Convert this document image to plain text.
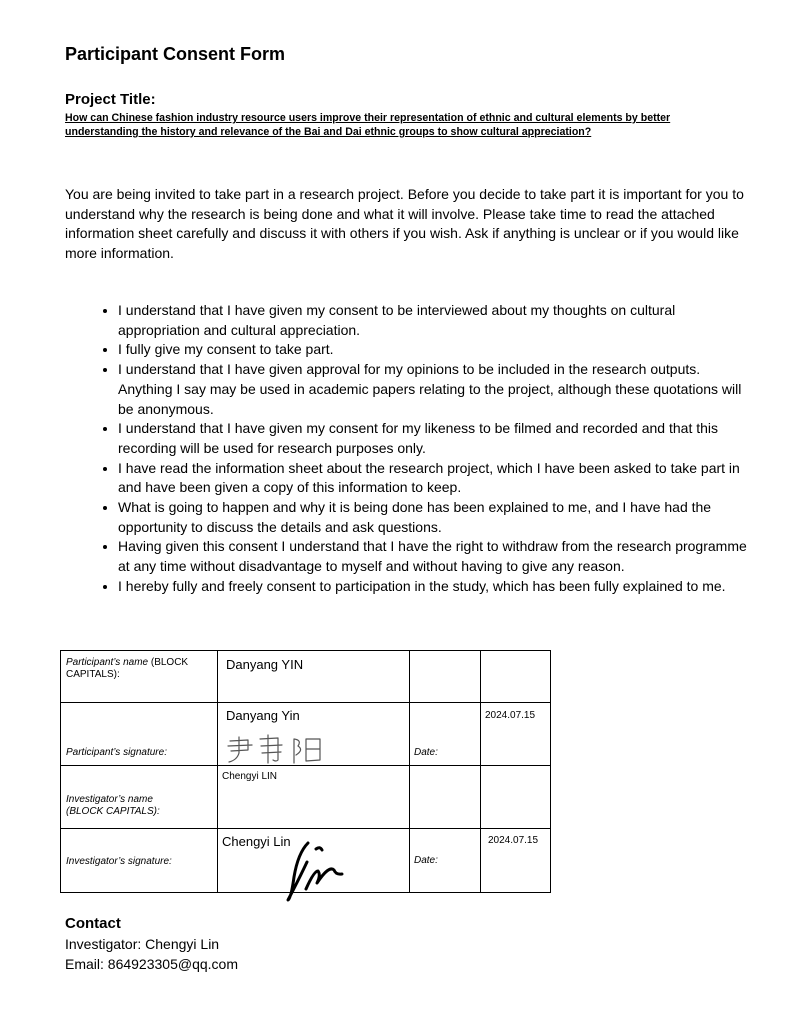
Participant Consent Form
Project Title:
How can Chinese fashion industry resource users improve their representation of ethnic and cultural elements by better understanding the history and relevance of the Bai and Dai ethnic groups to show cultural appreciation?

You are being invited to take part in a research project. Before you decide to take part it is important for you to understand why the research is being done and what it will involve. Please take time to read the attached information sheet carefully and discuss it with others if you wish. Ask if anything is unclear or if you would like more information.

• I understand that I have given my consent to be interviewed about my thoughts on cultural appropriation and cultural appreciation.
• I fully give my consent to take part.
• I understand that I have given approval for my opinions to be included in the research outputs. Anything I say may be used in academic papers relating to the project, although these quotations will be anonymous.
• I understand that I have given my consent for my likeness to be filmed and recorded and that this recording will be used for research purposes only.
• I have read the information sheet about the research project, which I have been asked to take part in and have been given a copy of this information to keep.
• What is going to happen and why it is being done has been explained to me, and I have had the opportunity to discuss the details and ask questions.
• Having given this consent I understand that I have the right to withdraw from the research programme at any time without disadvantage to myself and without having to give any reason.
• I hereby fully and freely consent to participation in the study, which has been fully explained to me.
Participant’s name (BLOCK CAPITALS):	Danyang YIN		

Participant’s signature:	Danyang Yin	Date:	2024.07.15

Investigator’s name (BLOCK CAPITALS):	Chengyi LIN		

Investigator’s signature:	Chengyi Lin	Date:	2024.07.15
Contact
Investigator: Chengyi Lin
Email: 864923305@qq.com
